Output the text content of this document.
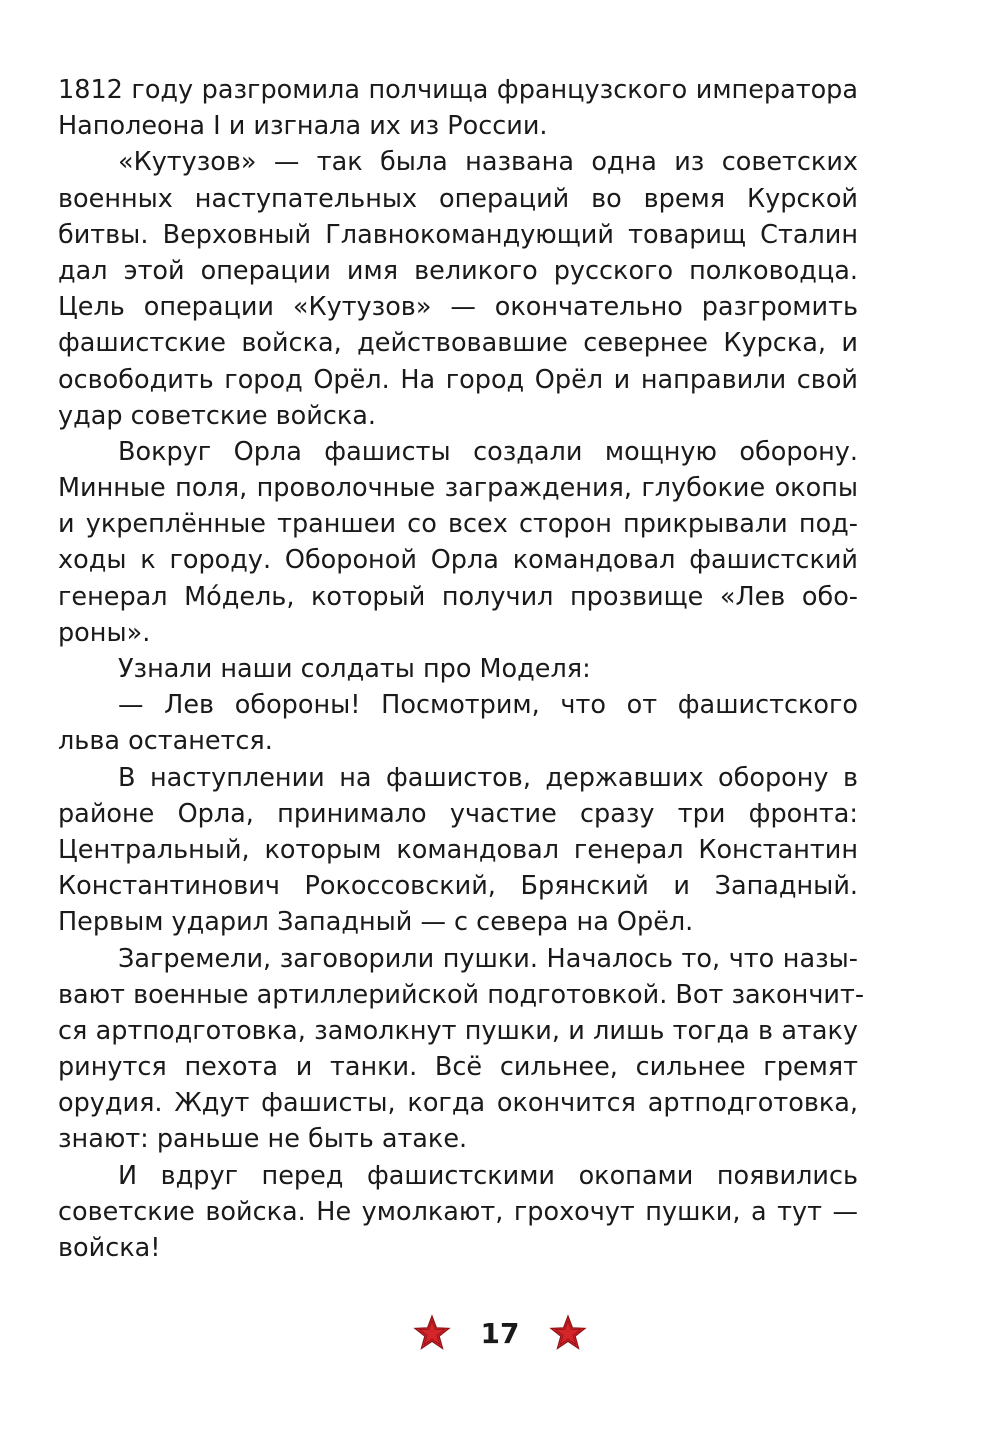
1812 году разгромила полчища французского императора
Наполеона I и изгнала их из России.
«Кутузов» — так была названа одна из советских
военных наступательных операций во время Курской
битвы. Верховный Главнокомандующий товарищ Сталин
дал этой операции имя великого русского полководца.
Цель операции «Кутузов» — окончательно разгромить
фашистские войска, действовавшие севернее Курска, и
освободить город Орёл. На город Орёл и направили свой
удар советские войска.
Вокруг Орла фашисты создали мощную оборону.
Минные поля, проволочные заграждения, глубокие окопы
и укреплённые траншеи со всех сторон прикрывали под-
ходы к городу. Обороной Орла командовал фашистский
генерал Мóдель, который получил прозвище «Лев обо-
роны».
Узнали наши солдаты про Моделя:
— Лев обороны! Посмотрим, что от фашистского
льва останется.
В наступлении на фашистов, державших оборону в
районе Орла, принимало участие сразу три фронта:
Центральный, которым командовал генерал Константин
Константинович Рокоссовский, Брянский и Западный.
Первым ударил Западный — с севера на Орёл.
Загремели, заговорили пушки. Началось то, что назы-
вают военные артиллерийской подготовкой. Вот закончит-
ся артподготовка, замолкнут пушки, и лишь тогда в атаку
ринутся пехота и танки. Всё сильнее, сильнее гремят
орудия. Ждут фашисты, когда окончится артподготовка,
знают: раньше не быть атаке.
И вдруг перед фашистскими окопами появились
советские войска. Не умолкают, грохочут пушки, а тут —
войска!
17
